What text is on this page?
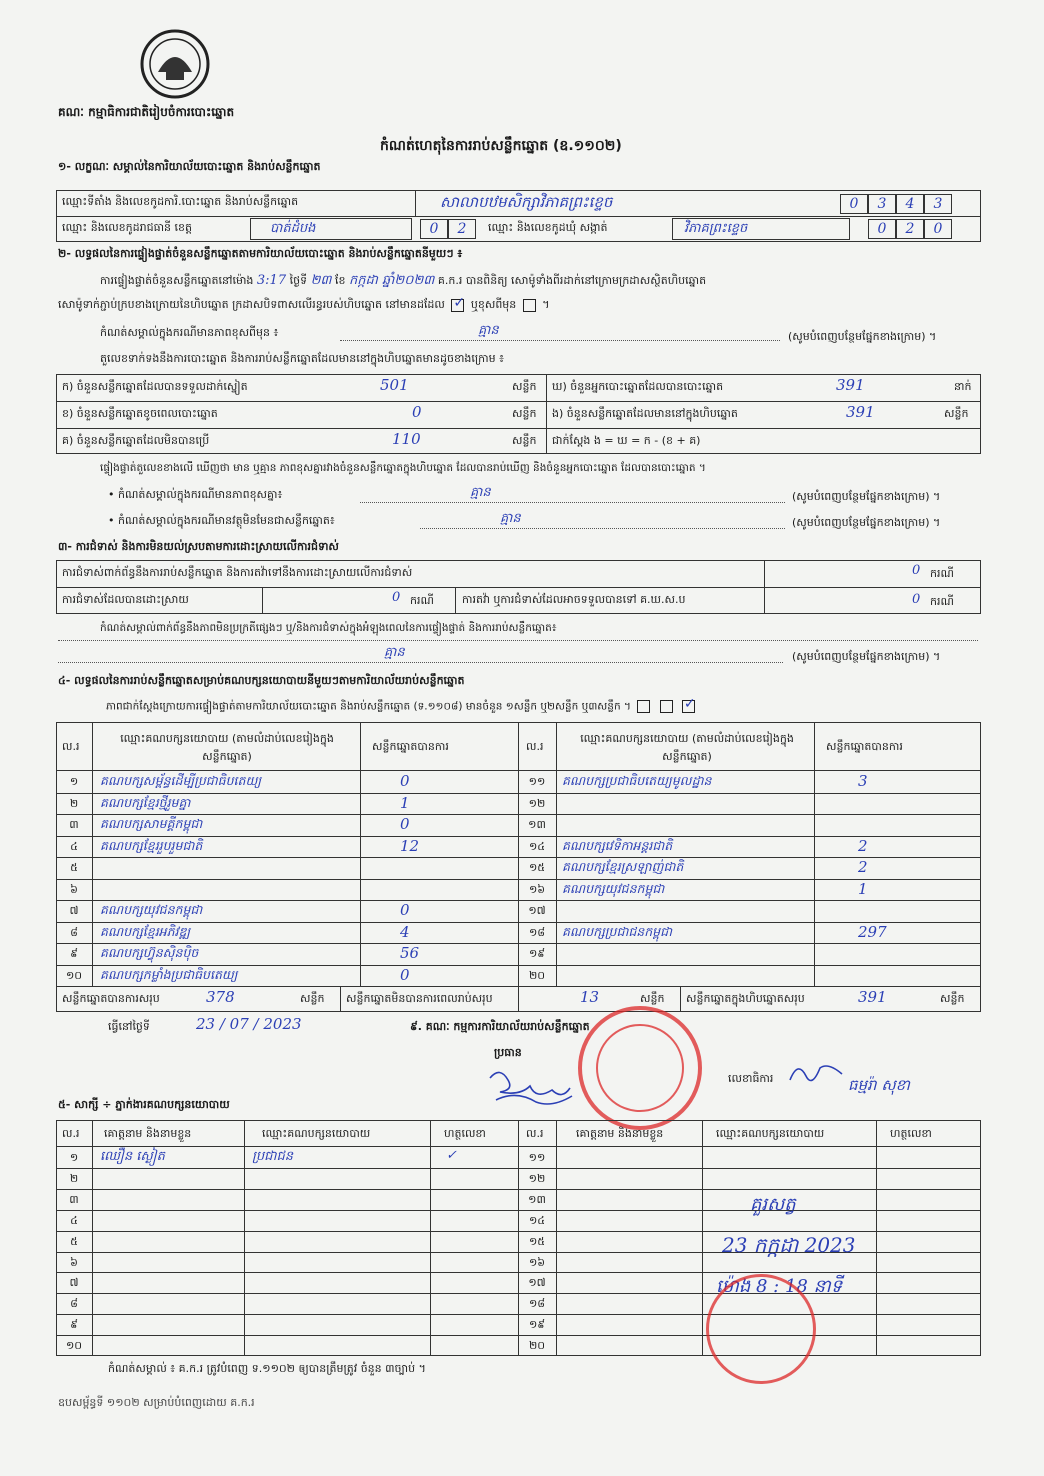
គណៈ កម្មាធិការជាតិរៀបចំការបោះឆ្នោត
កំណត់ហេតុនៃការរាប់សន្លឹកឆ្នោត (ឧ.១១០២)
១- លក្ខណៈ សម្គាល់នៃការិយាល័យបោះឆ្នោត និងរាប់សន្លឹកឆ្នោត
ឈ្មោះទីតាំង និងលេខកូដការិ.បោះឆ្នោត និងរាប់សន្លឹកឆ្នោត	សាលាបឋមសិក្សាវិភាគព្រះខ្ទេច	0	3	4	3
ឈ្មោះ និងលេខកូដរាជធានី ខេត្ត	បាត់ដំបង	0	2	ឈ្មោះ និងលេខកូដឃុំ សង្កាត់	វិភាគព្រះខ្ទេច	0	2	0
២- លទ្ធផលនៃការផ្ទៀងផ្ទាត់ចំនួនសន្លឹកឆ្នោតតាមការិយាល័យបោះឆ្នោត និងរាប់សន្លឹកឆ្នោតនីមួយៗ ៖
ការផ្ទៀងផ្ទាត់ចំនួនសន្លឹកឆ្នោតនៅម៉ោង 3:17 ថ្ងៃទី ២៣ ខែ កក្កដា ឆ្នាំ២០២៣ គ.ក.រ បានពិនិត្យ សោម៉ូទាំងពីរដាក់នៅក្រោមក្រដាសស្ថិតហិបឆ្នោត
សោម៉ូទាក់ភ្ជាប់ក្របខាងក្រោយនៃហិបឆ្នោត ក្រដាសបិទពាសលើរន្ធរបស់ហិបឆ្នោត នៅមានដដែល ✓ ឬខុសពីមុន  ។
កំណត់សម្គាល់ក្នុងករណីមានភាពខុសពីមុន ៖	គ្មាន	(សូមបំពេញបន្ថែមផ្នែកខាងក្រោម) ។
តួលេខទាក់ទងនឹងការបោះឆ្នោត និងការរាប់សន្លឹកឆ្នោតដែលមាននៅក្នុងហិបឆ្នោតមានដូចខាងក្រោម ៖
ក) ចំនួនសន្លឹកឆ្នោតដែលបានទទួលដាក់ស្នៀត	501	សន្លឹក
ខ) ចំនួនសន្លឹកឆ្នោតខូចពេលបោះឆ្នោត	0	សន្លឹក
គ) ចំនួនសន្លឹកឆ្នោតដែលមិនបានប្រើ	110	សន្លឹក
ឃ) ចំនួនអ្នកបោះឆ្នោតដែលបានបោះឆ្នោត	391	នាក់
ង) ចំនួនសន្លឹកឆ្នោតដែលមាននៅក្នុងហិបឆ្នោត	391	សន្លឹក
ជាក់ស្តែង ង = ឃ = ក - (ខ + គ)
ផ្ទៀងផ្ទាត់តួលេខខាងលើ ឃើញថា មាន ឬគ្មាន ភាពខុសគ្នារវាងចំនួនសន្លឹកឆ្នោតក្នុងហិបឆ្នោត ដែលបានរាប់ឃើញ និងចំនួនអ្នកបោះឆ្នោត ដែលបានបោះឆ្នោត ។
• កំណត់សម្គាល់ក្នុងករណីមានភាពខុសគ្នា៖	គ្មាន	(សូមបំពេញបន្ថែមផ្នែកខាងក្រោម) ។
• កំណត់សម្គាល់ក្នុងករណីមានវត្ថុមិនមែនជាសន្លឹកឆ្នោត៖	គ្មាន	(សូមបំពេញបន្ថែមផ្នែកខាងក្រោម) ។
៣- ការជំទាស់ និងការមិនយល់ស្របតាមការដោះស្រាយលើការជំទាស់
ការជំទាស់ពាក់ព័ន្ធនឹងការរាប់សន្លឹកឆ្នោត និងការតវ៉ាទៅនឹងការដោះស្រាយលើការជំទាស់	0 ករណី
ការជំទាស់ដែលបានដោះស្រាយ	0 ករណី	ការតវ៉ា ឬការជំទាស់ដែលអាចទទួលបានទៅ គ.ឃ.ស.ប	0 ករណី
កំណត់សម្គាល់ពាក់ព័ន្ធនឹងភាពមិនប្រក្រតីផ្សេងៗ ឬ/និងការជំទាស់ក្នុងអំឡុងពេលនៃការផ្ទៀងផ្ទាត់ និងការរាប់សន្លឹកឆ្នោត៖
គ្មាន	(សូមបំពេញបន្ថែមផ្នែកខាងក្រោម) ។
៤- លទ្ធផលនៃការរាប់សន្លឹកឆ្នោតសម្រាប់គណបក្សនយោបាយនីមួយៗតាមការិយាល័យរាប់សន្លឹកឆ្នោត
ភាពជាក់ស្តែងក្រោយការផ្ទៀងផ្ទាត់តាមការិយាល័យបោះឆ្នោត និងរាប់សន្លឹកឆ្នោត (ទ.១១០៨) មានចំនួន ១សន្លឹក ឬ២សន្លឹក ឬ៣សន្លឹក ។   ✓
ល.រ
ឈ្មោះគណបក្សនយោបាយ (តាមលំដាប់លេខរៀងក្នុងសន្លឹកឆ្នោត)
សន្លឹកឆ្នោតបានការ	ល.រ
ឈ្មោះគណបក្សនយោបាយ (តាមលំដាប់លេខរៀងក្នុងសន្លឹកឆ្នោត)
សន្លឹកឆ្នោតបានការ
១	គណបក្សសម្ព័ន្ធដើម្បីប្រជាធិបតេយ្យ	0	១១	គណបក្សប្រជាធិបតេយ្យមូលដ្ឋាន	3
២	គណបក្សខ្មែរថ្មីរួមគ្នា	1	១២
៣	គណបក្សសាមគ្គីកម្ពុជា	0	១៣
៤	គណបក្សខ្មែររួបរួមជាតិ	12	១៤	គណបក្សវេទិកាអន្តរជាតិ	2
៥	១៥	គណបក្សខ្មែរស្រឡាញ់ជាតិ	2
៦	១៦	គណបក្សយុវជនកម្ពុជា	1
៧	គណបក្សយុវជនកម្ពុជា	0	១៧
៨	គណបក្សខ្មែរអភិវឌ្ឍ	4	១៨	គណបក្សប្រជាជនកម្ពុជា	297
៩	គណបក្សហ៊្វុនស៊ិនប៉ិច	56	១៩
១០	គណបក្សកម្លាំងប្រជាធិបតេយ្យ	0	២០
សន្លឹកឆ្នោតបានការសរុប	378	សន្លឹក សន្លឹកឆ្នោតមិនបានការពេលរាប់សរុប	13	សន្លឹក សន្លឹកឆ្នោតក្នុងហិបឆ្នោតសរុប	391	សន្លឹក
ធ្វើនៅថ្ងៃទី	23 / 07 / 2023	៩. គណៈ កម្មការការិយាល័យរាប់សន្លឹកឆ្នោត
ប្រធាន
លេខាធិការ	ធម្មរ៉ា សុខា
៥- សាក្សី ÷ ភ្នាក់ងារគណបក្សនយោបាយ
ល.រ គោត្តនាម និងនាមខ្លួន	ឈ្មោះគណបក្សនយោបាយ	ហត្ថលេខា	ល.រ	គោត្តនាម និងនាមខ្លួន	ឈ្មោះគណបក្សនយោបាយ	ហត្ថលេខា
១	ឈឿន ស្ងៀត	ប្រជាជន	✓	១១
២	១២
៣	១៣
៤	១៤
៥	១៥
៦	១៦
៧	១៧
៨	១៨
៩	១៩
១០	២០
គួរសត្វ
23 កក្កដា 2023
ម៉ោង 8 : 18 នាទី
កំណត់សម្គាល់ ៖ គ.ក.រ ត្រូវបំពេញ ទ.១១០២ ឲ្យបានត្រឹមត្រូវ ចំនួន ៣ច្បាប់ ។
ឧបសម្ព័ន្ធទី ១១០២ សម្រាប់បំពេញដោយ គ.ក.រ
